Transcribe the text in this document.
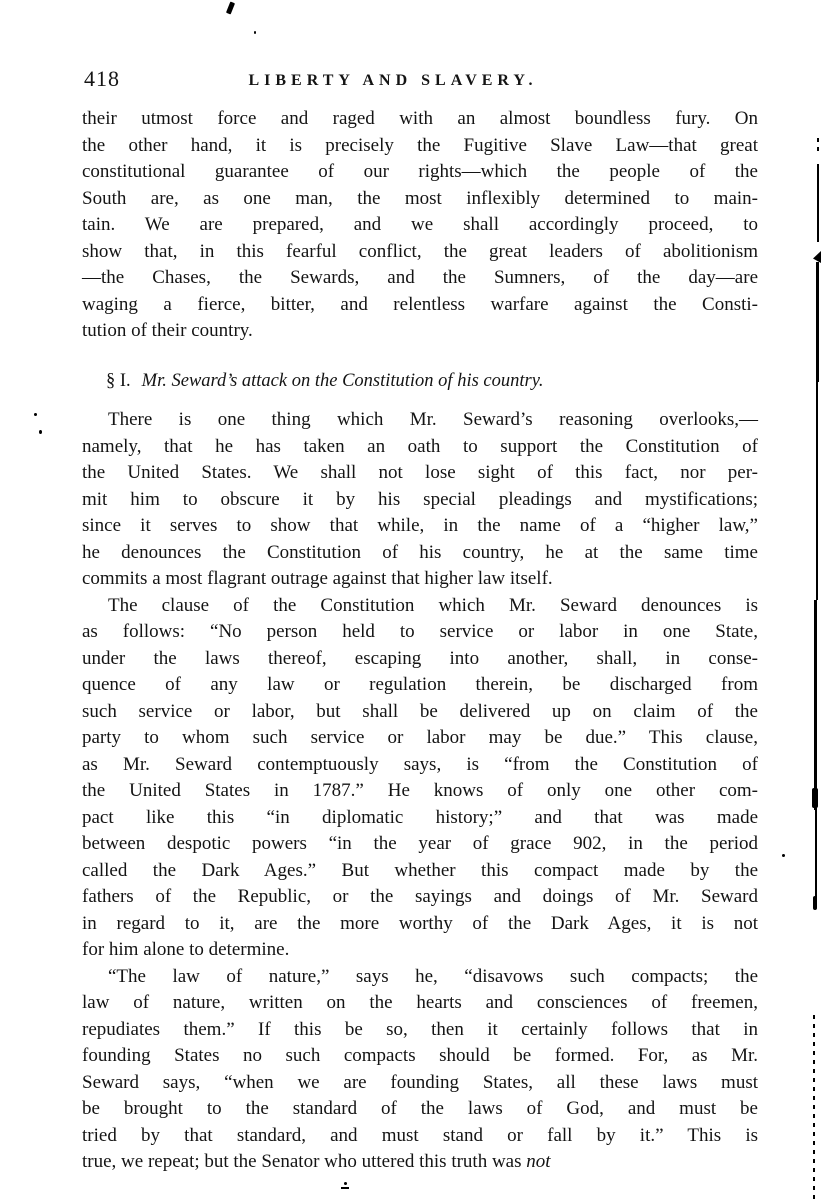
418	LIBERTY AND SLAVERY.
their utmost force and raged with an almost boundless fury. On
the other hand, it is precisely the Fugitive Slave Law—that great
constitutional guarantee of our rights—which the people of the
South are, as one man, the most inflexibly determined to main-
tain. We are prepared, and we shall accordingly proceed, to
show that, in this fearful conflict, the great leaders of abolitionism
—the Chases, the Sewards, and the Sumners, of the day—are
waging a fierce, bitter, and relentless warfare against the Consti-
tution of their country.
§ I. Mr. Seward’s attack on the Constitution of his country.
There is one thing which Mr. Seward’s reasoning overlooks,—
namely, that he has taken an oath to support the Constitution of
the United States. We shall not lose sight of this fact, nor per-
mit him to obscure it by his special pleadings and mystifications;
since it serves to show that while, in the name of a “higher law,”
he denounces the Constitution of his country, he at the same time
commits a most flagrant outrage against that higher law itself.
The clause of the Constitution which Mr. Seward denounces is
as follows: “No person held to service or labor in one State,
under the laws thereof, escaping into another, shall, in conse-
quence of any law or regulation therein, be discharged from
such service or labor, but shall be delivered up on claim of the
party to whom such service or labor may be due.” This clause,
as Mr. Seward contemptuously says, is “from the Constitution of
the United States in 1787.” He knows of only one other com-
pact like this “in diplomatic history;” and that was made
between despotic powers “in the year of grace 902, in the period
called the Dark Ages.” But whether this compact made by the
fathers of the Republic, or the sayings and doings of Mr. Seward
in regard to it, are the more worthy of the Dark Ages, it is not
for him alone to determine.
“The law of nature,” says he, “disavows such compacts; the
law of nature, written on the hearts and consciences of freemen,
repudiates them.” If this be so, then it certainly follows that in
founding States no such compacts should be formed. For, as Mr.
Seward says, “when we are founding States, all these laws must
be brought to the standard of the laws of God, and must be
tried by that standard, and must stand or fall by it.” This is
true, we repeat; but the Senator who uttered this truth was not
